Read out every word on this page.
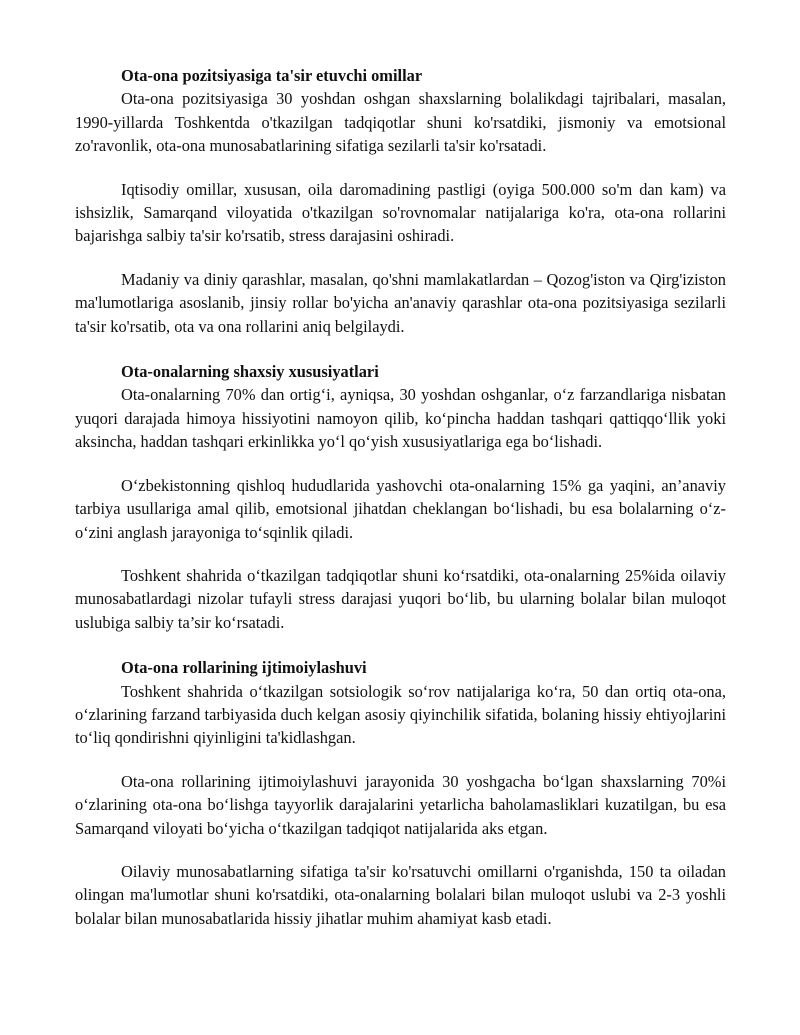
Ota-ona pozitsiyasiga ta'sir etuvchi omillar

Ota-ona pozitsiyasiga 30 yoshdan oshgan shaxslarning bolalikdagi tajribalari, masalan, 1990-yillarda Toshkentda o'tkazilgan tadqiqotlar shuni ko'rsatdiki, jismoniy va emotsional zo'ravonlik, ota-ona munosabatlarining sifatiga sezilarli ta'sir ko'rsatadi.

Iqtisodiy omillar, xususan, oila daromadining pastligi (oyiga 500.000 so'm dan kam) va ishsizlik, Samarqand viloyatida o'tkazilgan so'rovnomalar natijalariga ko'ra, ota-ona rollarini bajarishga salbiy ta'sir ko'rsatib, stress darajasini oshiradi.

Madaniy va diniy qarashlar, masalan, qo'shni mamlakatlardan – Qozog'iston va Qirg'iziston ma'lumotlariga asoslanib, jinsiy rollar bo'yicha an'anaviy qarashlar ota-ona pozitsiyasiga sezilarli ta'sir ko'rsatib, ota va ona rollarini aniq belgilaydi.

Ota-onalarning shaxsiy xususiyatlari

Ota-onalarning 70% dan ortig‘i, ayniqsa, 30 yoshdan oshganlar, o‘z farzandlariga nisbatan yuqori darajada himoya hissiyotini namoyon qilib, ko‘pincha haddan tashqari qattiqqo‘llik yoki aksincha, haddan tashqari erkinlikka yo‘l qo‘yish xususiyatlariga ega bo‘lishadi.

O‘zbekistonning qishloq hududlarida yashovchi ota-onalarning 15% ga yaqini, an’anaviy tarbiya usullariga amal qilib, emotsional jihatdan cheklangan bo‘lishadi, bu esa bolalarning o‘z-o‘zini anglash jarayoniga to‘sqinlik qiladi.

Toshkent shahrida o‘tkazilgan tadqiqotlar shuni ko‘rsatdiki, ota-onalarning 25%ida oilaviy munosabatlardagi nizolar tufayli stress darajasi yuqori bo‘lib, bu ularning bolalar bilan muloqot uslubiga salbiy ta’sir ko‘rsatadi.

Ota-ona rollarining ijtimoiylashuvi

Toshkent shahrida o‘tkazilgan sotsiologik so‘rov natijalariga ko‘ra, 50 dan ortiq ota-ona, o‘zlarining farzand tarbiyasida duch kelgan asosiy qiyinchilik sifatida, bolaning hissiy ehtiyojlarini to‘liq qondirishni qiyinligini ta'kidlashgan.

Ota-ona rollarining ijtimoiylashuvi jarayonida 30 yoshgacha bo‘lgan shaxslarning 70%i o‘zlarining ota-ona bo‘lishga tayyorlik darajalarini yetarlicha baholamasliklari kuzatilgan, bu esa Samarqand viloyati bo‘yicha o‘tkazilgan tadqiqot natijalarida aks etgan.

Oilaviy munosabatlarning sifatiga ta'sir ko'rsatuvchi omillarni o'rganishda, 150 ta oiladan olingan ma'lumotlar shuni ko'rsatdiki, ota-onalarning bolalari bilan muloqot uslubi va 2-3 yoshli bolalar bilan munosabatlarida hissiy jihatlar muhim ahamiyat kasb etadi.
